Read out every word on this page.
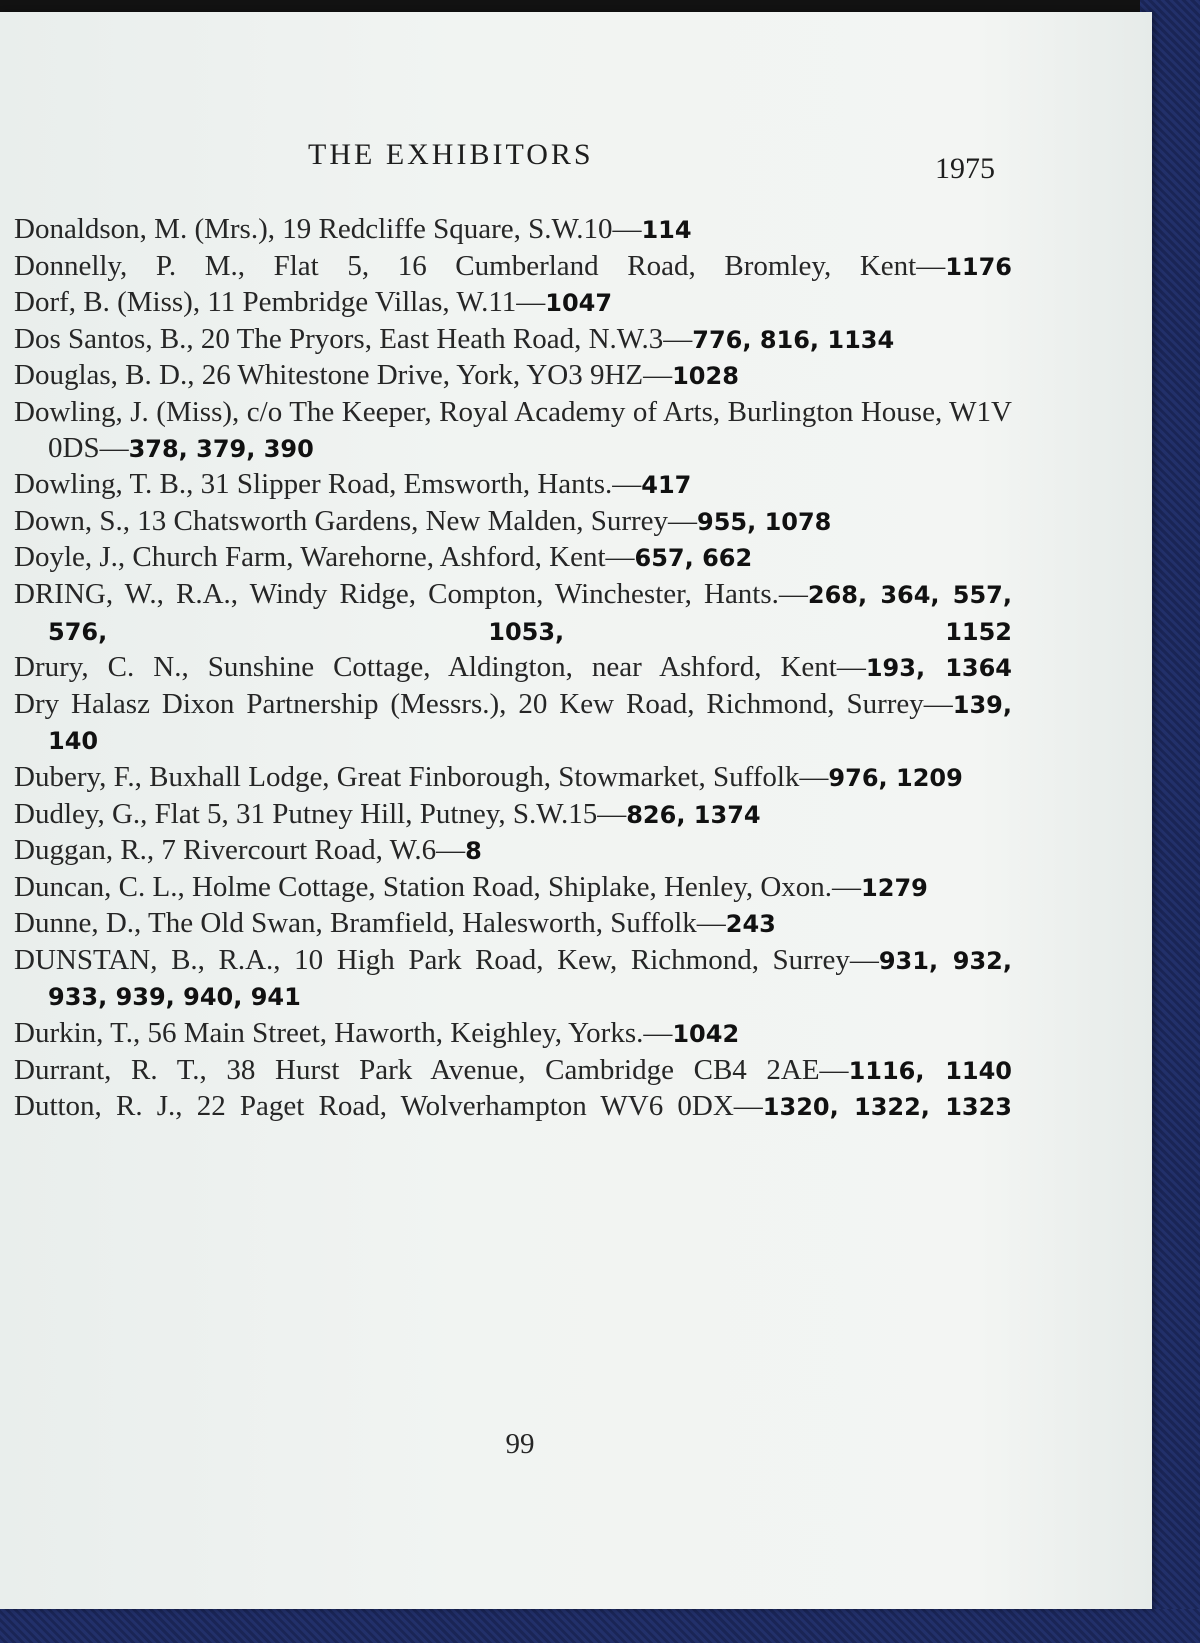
THE EXHIBITORS	1975
Donaldson, M. (Mrs.), 19 Redcliffe Square, S.W.10—114
Donnelly, P. M., Flat 5, 16 Cumberland Road, Bromley, Kent—1176
Dorf, B. (Miss), 11 Pembridge Villas, W.11—1047
Dos Santos, B., 20 The Pryors, East Heath Road, N.W.3—776, 816, 1134
Douglas, B. D., 26 Whitestone Drive, York, YO3 9HZ—1028
Dowling, J. (Miss), c/o The Keeper, Royal Academy of Arts, Burlington House, W1V 0DS—378, 379, 390
Dowling, T. B., 31 Slipper Road, Emsworth, Hants.—417
Down, S., 13 Chatsworth Gardens, New Malden, Surrey—955, 1078
Doyle, J., Church Farm, Warehorne, Ashford, Kent—657, 662
DRING, W., R.A., Windy Ridge, Compton, Winchester, Hants.—268, 364, 557, 576, 1053, 1152
Drury, C. N., Sunshine Cottage, Aldington, near Ashford, Kent—193, 1364
Dry Halasz Dixon Partnership (Messrs.), 20 Kew Road, Richmond, Surrey—139, 140
Dubery, F., Buxhall Lodge, Great Finborough, Stowmarket, Suffolk—976, 1209
Dudley, G., Flat 5, 31 Putney Hill, Putney, S.W.15—826, 1374
Duggan, R., 7 Rivercourt Road, W.6—8
Duncan, C. L., Holme Cottage, Station Road, Shiplake, Henley, Oxon.—1279
Dunne, D., The Old Swan, Bramfield, Halesworth, Suffolk—243
DUNSTAN, B., R.A., 10 High Park Road, Kew, Richmond, Surrey—931, 932, 933, 939, 940, 941
Durkin, T., 56 Main Street, Haworth, Keighley, Yorks.—1042
Durrant, R. T., 38 Hurst Park Avenue, Cambridge CB4 2AE—1116, 1140
Dutton, R. J., 22 Paget Road, Wolverhampton WV6 0DX—1320, 1322, 1323
99
